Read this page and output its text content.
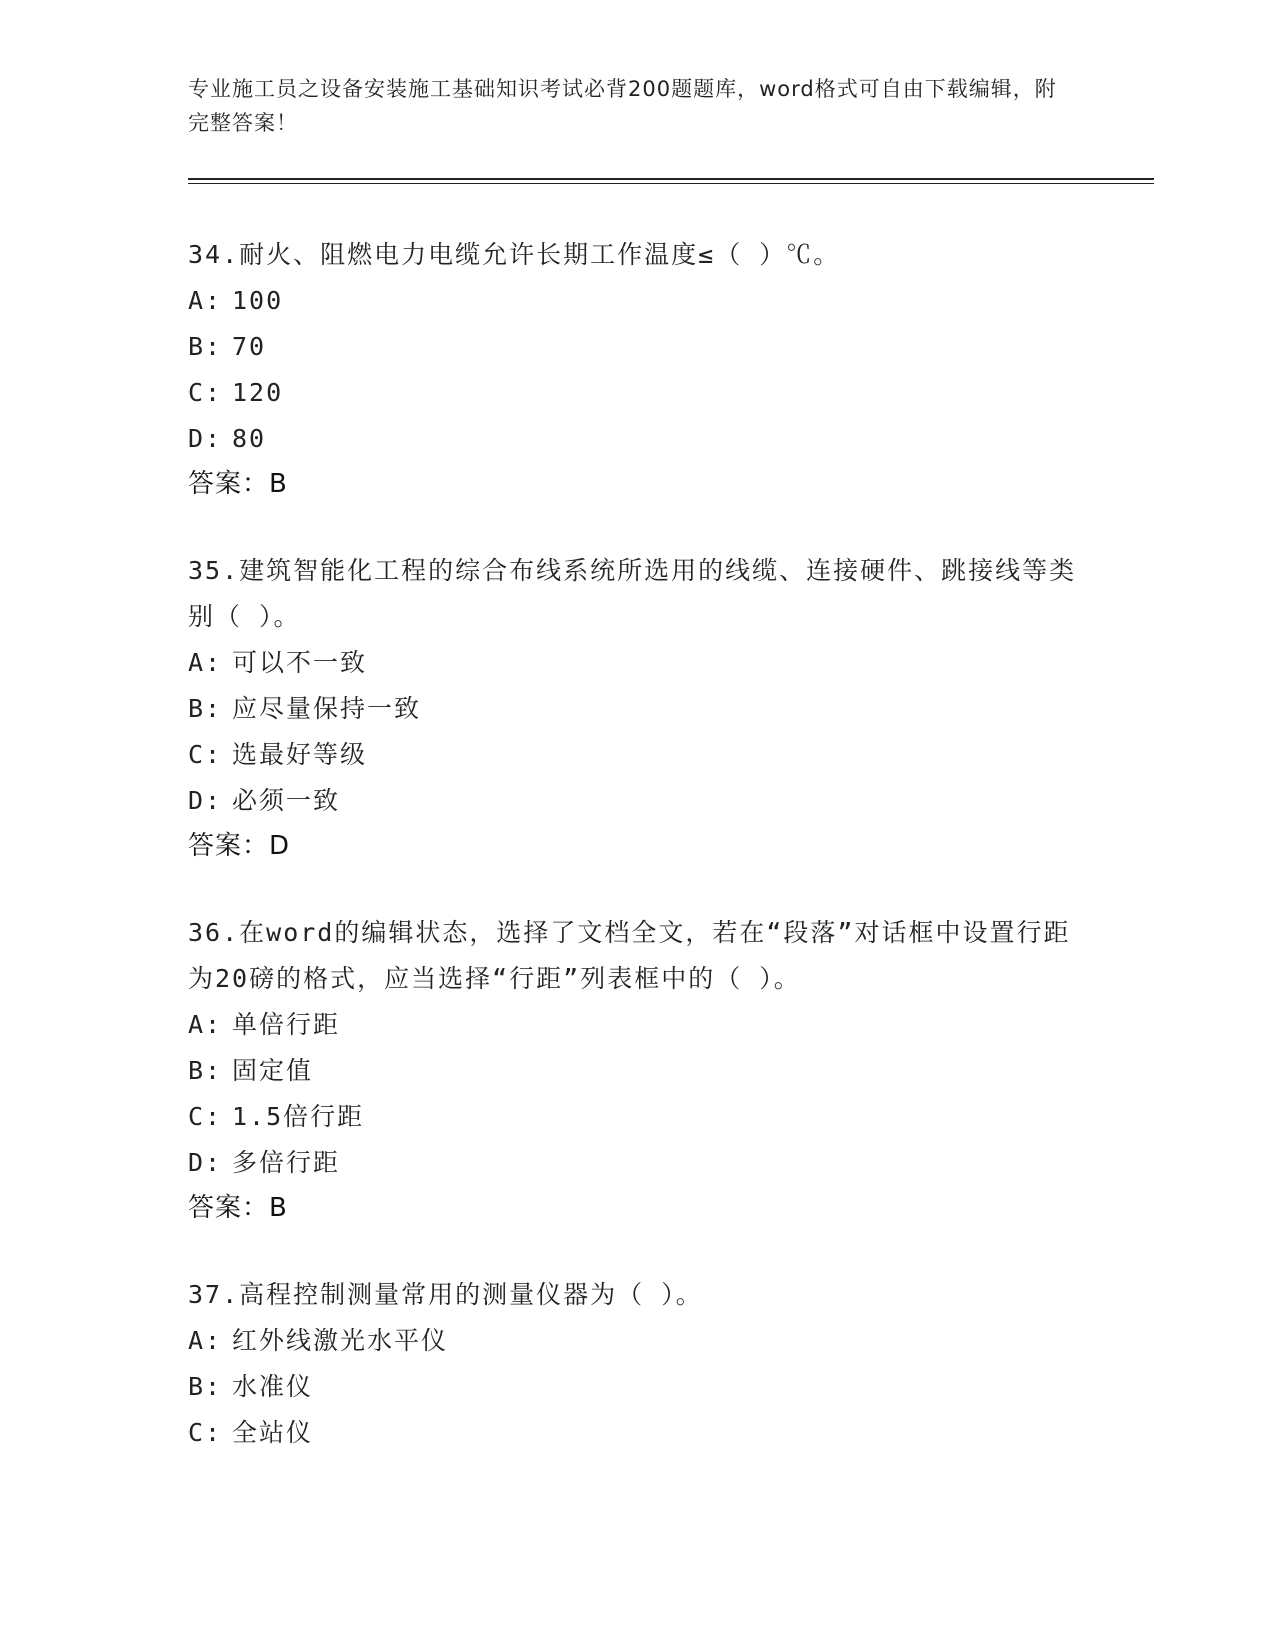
专业施工员之设备安装施工基础知识考试必背200题题库，word格式可自由下载编辑，附完整答案！

34.耐火、阻燃电力电缆允许长期工作温度≤（ ）℃。

A: 100
B: 70
C: 120
D: 80

答案：B

35.建筑智能化工程的综合布线系统所选用的线缆、连接硬件、跳接线等类别（ ）。

A: 可以不一致
B: 应尽量保持一致
C: 选最好等级
D: 必须一致

答案：D

36.在word的编辑状态，选择了文档全文，若在“段落”对话框中设置行距为20磅的格式，应当选择“行距”列表框中的（ ）。

A: 单倍行距
B: 固定值
C: 1.5倍行距
D: 多倍行距

答案：B

37.高程控制测量常用的测量仪器为（ ）。

A: 红外线激光水平仪
B: 水准仪
C: 全站仪
